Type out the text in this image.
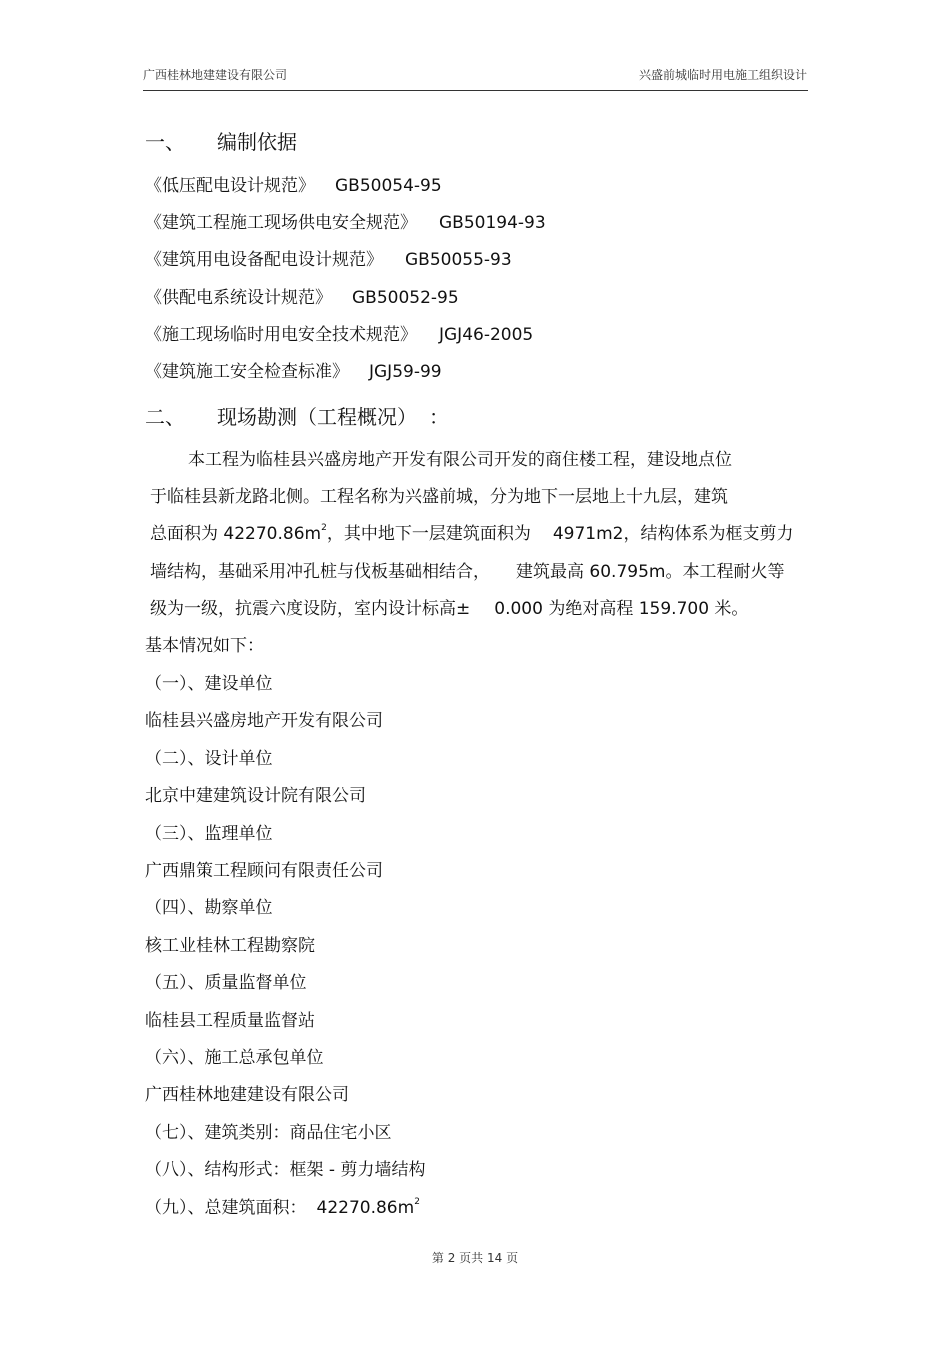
广西桂林地建建设有限公司	兴盛前城临时用电施工组织设计
一、 编制依据
《低压配电设计规范》 GB50054-95
《建筑工程施工现场供电安全规范》 GB50194-93
《建筑用电设备配电设计规范》 GB50055-93
《供配电系统设计规范》 GB50052-95
《施工现场临时用电安全技术规范》 JGJ46-2005
《建筑施工安全检查标准》 JGJ59-99
二、 现场勘测（工程概况） ：
本工程为临桂县兴盛房地产开发有限公司开发的商住楼工程，建设地点位
于临桂县新龙路北侧。工程名称为兴盛前城，分为地下一层地上十九层，建筑
总面积为 $42270.86m^2$，其中地下一层建筑面积为 4971m2，结构体系为框支剪力
墙结构，基础采用冲孔桩与伐板基础相结合， 建筑最高 60.795m。本工程耐火等
级为一级，抗震六度设防，室内设计标高± 0.000 为绝对高程 159.700 米。
基本情况如下：
（一）、建设单位
临桂县兴盛房地产开发有限公司
（二）、设计单位
北京中建建筑设计院有限公司
（三）、监理单位
广西鼎策工程顾问有限责任公司
（四）、勘察单位
核工业桂林工程勘察院
（五）、质量监督单位
临桂县工程质量监督站
（六）、施工总承包单位
广西桂林地建建设有限公司
（七）、建筑类别：商品住宅小区
（八）、结构形式：框架 - 剪力墙结构
（九）、总建筑面积： $42270.86m^2$
第 2 页共 14 页
